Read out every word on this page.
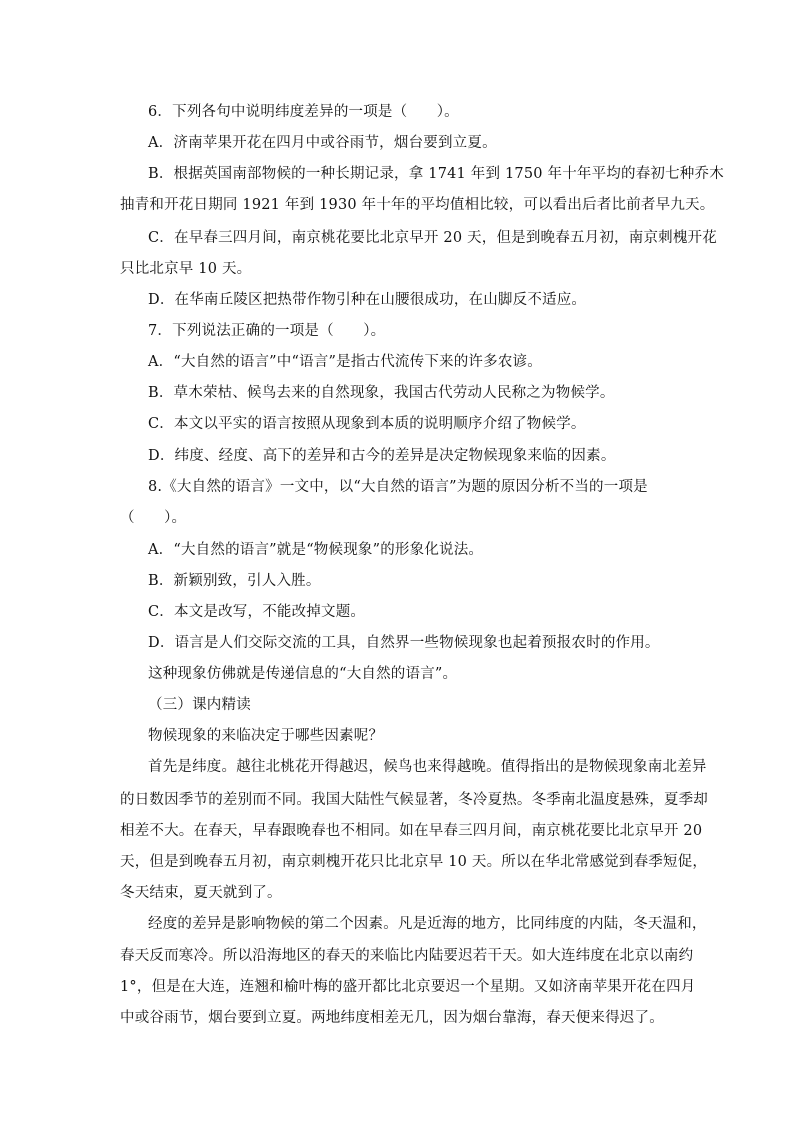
6．下列各句中说明纬度差异的一项是（　　）。
A．济南苹果开花在四月中或谷雨节，烟台要到立夏。
B．根据英国南部物候的一种长期记录，拿 1741 年到 1750 年十年平均的春初七种乔木
抽青和开花日期同 1921 年到 1930 年十年的平均值相比较，可以看出后者比前者早九天。
C．在早春三四月间，南京桃花要比北京早开 20 天，但是到晚春五月初，南京刺槐开花
只比北京早 10 天。
D．在华南丘陵区把热带作物引种在山腰很成功，在山脚反不适应。
7．下列说法正确的一项是（　　）。
A．“大自然的语言”中“语言”是指古代流传下来的许多农谚。
B．草木荣枯、候鸟去来的自然现象，我国古代劳动人民称之为物候学。
C．本文以平实的语言按照从现象到本质的说明顺序介绍了物候学。
D．纬度、经度、高下的差异和古今的差异是决定物候现象来临的因素。
8.《大自然的语言》一文中，以“大自然的语言”为题的原因分析不当的一项是
（　　）。
A．“大自然的语言”就是“物候现象”的形象化说法。
B．新颖别致，引人入胜。
C．本文是改写，不能改掉文题。
D．语言是人们交际交流的工具，自然界一些物候现象也起着预报农时的作用。
这种现象仿佛就是传递信息的“大自然的语言”。
（三）课内精读
物候现象的来临决定于哪些因素呢？
首先是纬度。越往北桃花开得越迟，候鸟也来得越晚。值得指出的是物候现象南北差异
的日数因季节的差别而不同。我国大陆性气候显著，冬冷夏热。冬季南北温度悬殊，夏季却
相差不大。在春天，早春跟晚春也不相同。如在早春三四月间，南京桃花要比北京早开 20
天，但是到晚春五月初，南京刺槐开花只比北京早 10 天。所以在华北常感觉到春季短促，
冬天结束，夏天就到了。
经度的差异是影响物候的第二个因素。凡是近海的地方，比同纬度的内陆，冬天温和，
春天反而寒冷。所以沿海地区的春天的来临比内陆要迟若干天。如大连纬度在北京以南约
1°，但是在大连，连翘和榆叶梅的盛开都比北京要迟一个星期。又如济南苹果开花在四月
中或谷雨节，烟台要到立夏。两地纬度相差无几，因为烟台靠海，春天便来得迟了。
